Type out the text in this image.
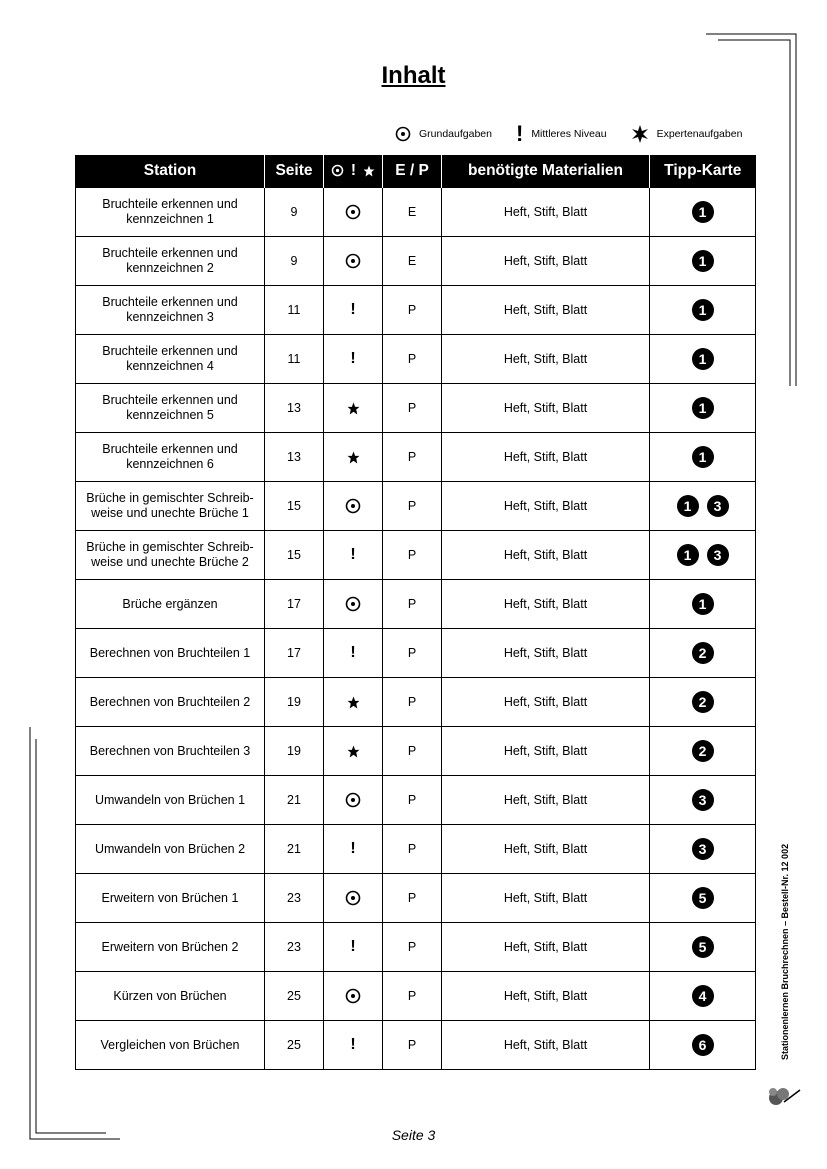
Inhalt
Grundaufgaben ! Mittleres Niveau	Expertenaufgaben
Station	Seite	!	E / P	benötigte Materialien	Tipp-Karte
Bruchteile erkennen und kennzeichnen 1	9		E	Heft, Stift, Blatt	1
Bruchteile erkennen und kennzeichnen 2	9		E	Heft, Stift, Blatt	1
Bruchteile erkennen und kennzeichnen 3	11	!	P	Heft, Stift, Blatt	1
Bruchteile erkennen und kennzeichnen 4	11	!	P	Heft, Stift, Blatt	1
Bruchteile erkennen und kennzeichnen 5	13		P	Heft, Stift, Blatt	1
Bruchteile erkennen und kennzeichnen 6	13		P	Heft, Stift, Blatt	1
Brüche in gemischter Schreib-weise und unechte Brüche 1	15		P	Heft, Stift, Blatt	1 3
Brüche in gemischter Schreib-weise und unechte Brüche 2	15	!	P	Heft, Stift, Blatt	1 3
Brüche ergänzen	17		P	Heft, Stift, Blatt	1
Berechnen von Bruchteilen 1	17	!	P	Heft, Stift, Blatt	2
Berechnen von Bruchteilen 2	19		P	Heft, Stift, Blatt	2
Berechnen von Bruchteilen 3	19		P	Heft, Stift, Blatt	2
Umwandeln von Brüchen 1	21		P	Heft, Stift, Blatt	3
Umwandeln von Brüchen 2	21	!	P	Heft, Stift, Blatt	3
Erweitern von Brüchen 1	23		P	Heft, Stift, Blatt	5
Erweitern von Brüchen 2	23	!	P	Heft, Stift, Blatt	5
Kürzen von Brüchen	25		P	Heft, Stift, Blatt	4
Vergleichen von Brüchen	25	!	P	Heft, Stift, Blatt	6	Stationenlernen Bruchrechnen – Bestell-Nr. 12 002
Seite 3
